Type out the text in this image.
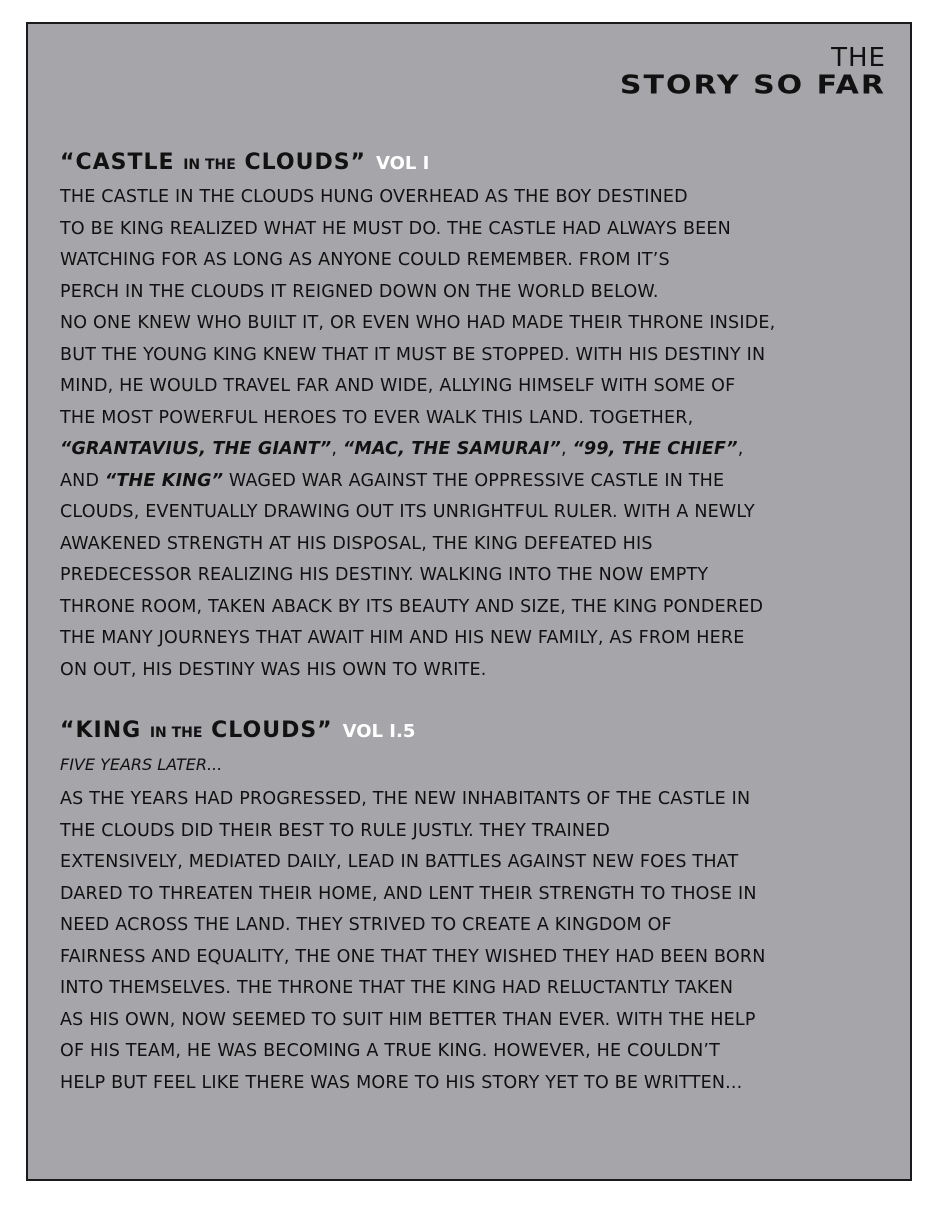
THE
STORY SO FAR
“CASTLE IN THE CLOUDS” VOL I
THE CASTLE IN THE CLOUDS HUNG OVERHEAD AS THE BOY DESTINED
TO BE KING REALIZED WHAT HE MUST DO. THE CASTLE HAD ALWAYS BEEN
WATCHING FOR AS LONG AS ANYONE COULD REMEMBER. FROM IT’S
PERCH IN THE CLOUDS IT REIGNED DOWN ON THE WORLD BELOW.
NO ONE KNEW WHO BUILT IT, OR EVEN WHO HAD MADE THEIR THRONE INSIDE,
BUT THE YOUNG KING KNEW THAT IT MUST BE STOPPED. WITH HIS DESTINY IN
MIND, HE WOULD TRAVEL FAR AND WIDE, ALLYING HIMSELF WITH SOME OF
THE MOST POWERFUL HEROES TO EVER WALK THIS LAND. TOGETHER,
“GRANTAVIUS, THE GIANT”, “MAC, THE SAMURAI”, “99, THE CHIEF”,
AND “THE KING” WAGED WAR AGAINST THE OPPRESSIVE CASTLE IN THE
CLOUDS, EVENTUALLY DRAWING OUT ITS UNRIGHTFUL RULER. WITH A NEWLY
AWAKENED STRENGTH AT HIS DISPOSAL, THE KING DEFEATED HIS
PREDECESSOR REALIZING HIS DESTINY. WALKING INTO THE NOW EMPTY
THRONE ROOM, TAKEN ABACK BY ITS BEAUTY AND SIZE, THE KING PONDERED
THE MANY JOURNEYS THAT AWAIT HIM AND HIS NEW FAMILY, AS FROM HERE
ON OUT, HIS DESTINY WAS HIS OWN TO WRITE.
“KING IN THE CLOUDS” VOL I.5
FIVE YEARS LATER...
AS THE YEARS HAD PROGRESSED, THE NEW INHABITANTS OF THE CASTLE IN
THE CLOUDS DID THEIR BEST TO RULE JUSTLY. THEY TRAINED
EXTENSIVELY, MEDIATED DAILY, LEAD IN BATTLES AGAINST NEW FOES THAT
DARED TO THREATEN THEIR HOME, AND LENT THEIR STRENGTH TO THOSE IN
NEED ACROSS THE LAND. THEY STRIVED TO CREATE A KINGDOM OF
FAIRNESS AND EQUALITY, THE ONE THAT THEY WISHED THEY HAD BEEN BORN
INTO THEMSELVES. THE THRONE THAT THE KING HAD RELUCTANTLY TAKEN
AS HIS OWN, NOW SEEMED TO SUIT HIM BETTER THAN EVER. WITH THE HELP
OF HIS TEAM, HE WAS BECOMING A TRUE KING. HOWEVER, HE COULDN’T
HELP BUT FEEL LIKE THERE WAS MORE TO HIS STORY YET TO BE WRITTEN...
